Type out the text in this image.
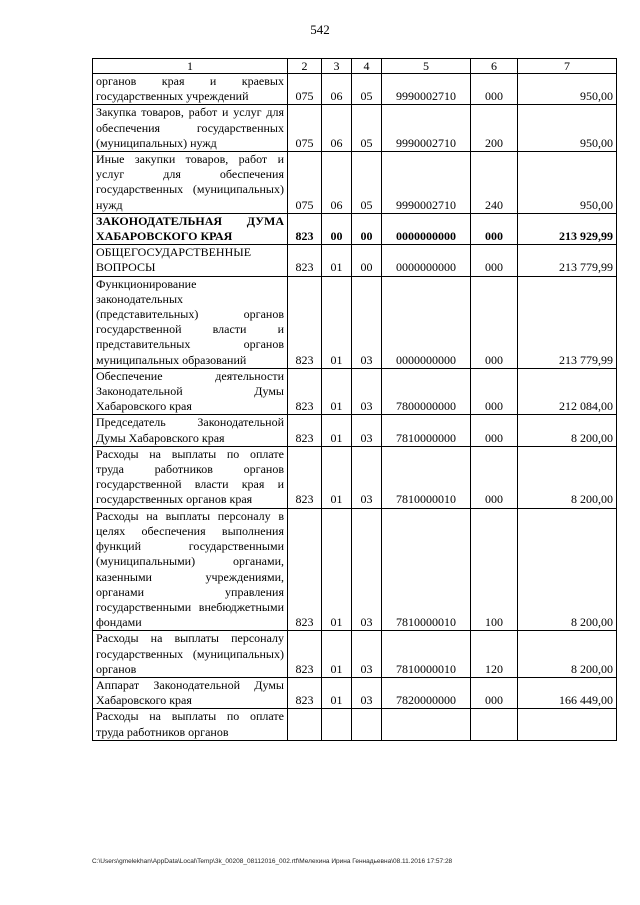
542
1	2	3	4	5	6	7
органов края и краевых государственных учреждений	075	06	05	9990002710	000	950,00
Закупка товаров, работ и услуг для обеспечения государственных (муниципальных) нужд	075	06	05	9990002710	200	950,00
Иные закупки товаров, работ и услуг для обеспечения государственных (муниципальных) нужд	075	06	05	9990002710	240	950,00
ЗАКОНОДАТЕЛЬНАЯ ДУМА ХАБАРОВСКОГО КРАЯ	823	00	00	0000000000	000	213 929,99
ОБЩЕГОСУДАРСТВЕННЫЕ ВОПРОСЫ	823	01	00	0000000000	000	213 779,99
Функционирование законодательных (представительных) органов государственной власти и представительных органов муниципальных образований	823	01	03	0000000000	000	213 779,99
Обеспечение деятельности Законодательной Думы Хабаровского края	823	01	03	7800000000	000	212 084,00
Председатель Законодательной Думы Хабаровского края	823	01	03	7810000000	000	8 200,00
Расходы на выплаты по оплате труда работников органов государственной власти края и государственных органов края	823	01	03	7810000010	000	8 200,00
Расходы на выплаты персоналу в целях обеспечения выполнения функций государственными (муниципальными) органами, казенными учреждениями, органами управления государственными внебюджетными фондами	823	01	03	7810000010	100	8 200,00
Расходы на выплаты персоналу государственных (муниципальных) органов	823	01	03	7810000010	120	8 200,00
Аппарат Законодательной Думы Хабаровского края	823	01	03	7820000000	000	166 449,00
Расходы на выплаты по оплате труда работников органов						
C:\Users\gmelekhan\AppData\Local\Temp\3k_00208_08112016_002.rtf\Мелехина Ирина Геннадьевна\08.11.2016 17:57:28
